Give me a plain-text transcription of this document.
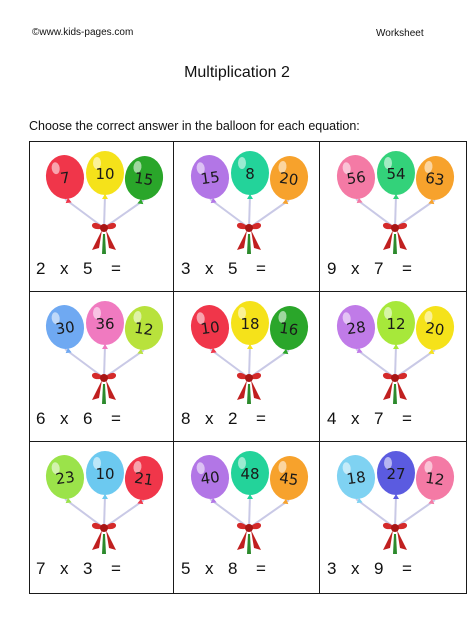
©www.kids-pages.com	Worksheet
Multiplication 2
Choose the correct answer in the balloon for each equation:
7 10 15
2 x 5 =
15 8 20
3 x 5 =
56 54 63
9 x 7 =
30 36 12
6 x 6 =
10 18 16
8 x 2 =
28 12 20
4 x 7 =
23 10 21
7 x 3 =
40 48 45
5 x 8 =
18 27 12
3 x 9 =
